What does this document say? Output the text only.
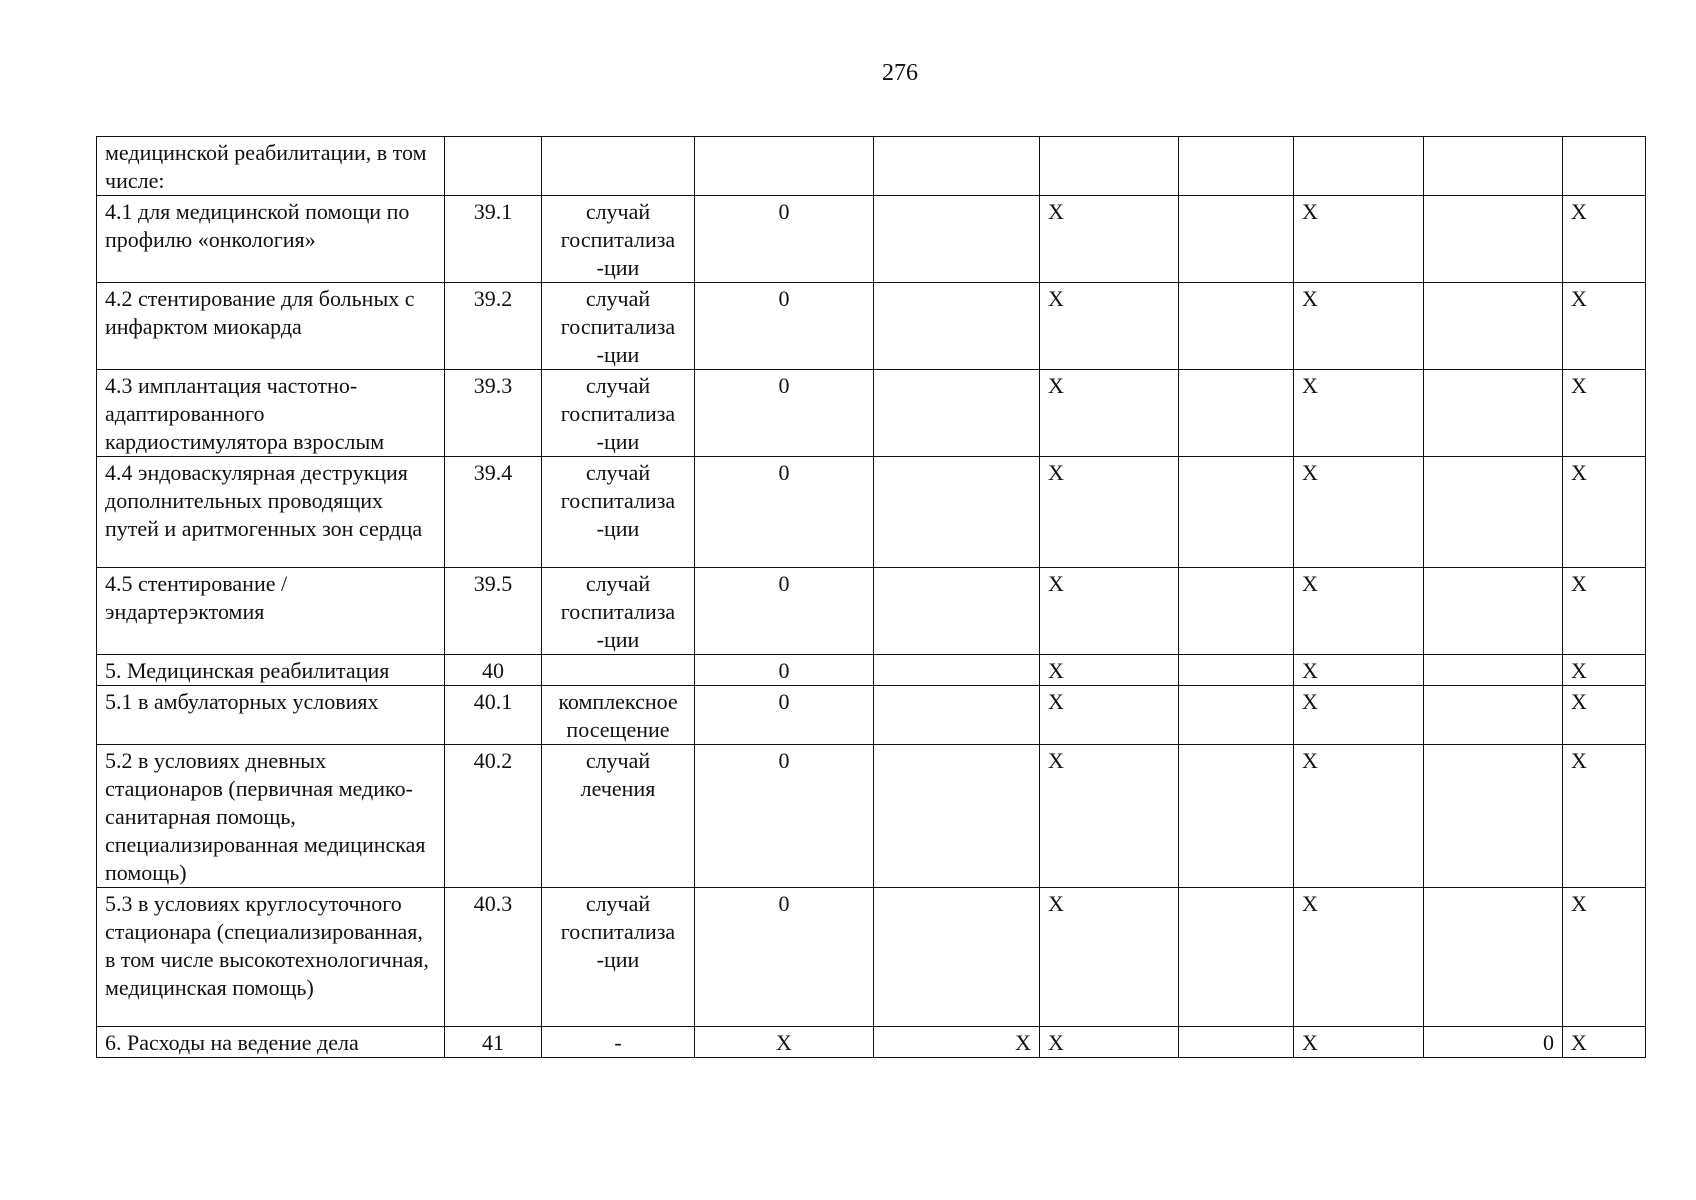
276
медицинской реабилитации, в том числе:									
4.1 для медицинской помощи по профилю «онкология»	39.1	случай госпитализа -ции	0		X		X		X
4.2 стентирование для больных с инфарктом миокарда	39.2	случай госпитализа -ции	0		X		X		X
4.3 имплантация частотно-адаптированного кардиостимулятора взрослым	39.3	случай госпитализа -ции	0		X		X		X
4.4 эндоваскулярная деструкция дополнительных проводящих путей и аритмогенных зон сердца	39.4	случай госпитализа -ции	0		X		X		X
4.5 стентирование / эндартерэктомия	39.5	случай госпитализа -ции	0		X		X		X
5. Медицинская реабилитация	40		0		X		X		X
5.1 в амбулаторных условиях	40.1	комплексное посещение	0		X		X		X
5.2 в условиях дневных стационаров (первичная медико-санитарная помощь, специализированная медицинская помощь)	40.2	случай лечения	0		X		X		X
5.3 в условиях круглосуточного стационара (специализированная, в том числе высокотехнологичная, медицинская помощь)	40.3	случай госпитализа -ции	0		X		X		X
6. Расходы на ведение дела	41	-	X	X	X		X	0	X
